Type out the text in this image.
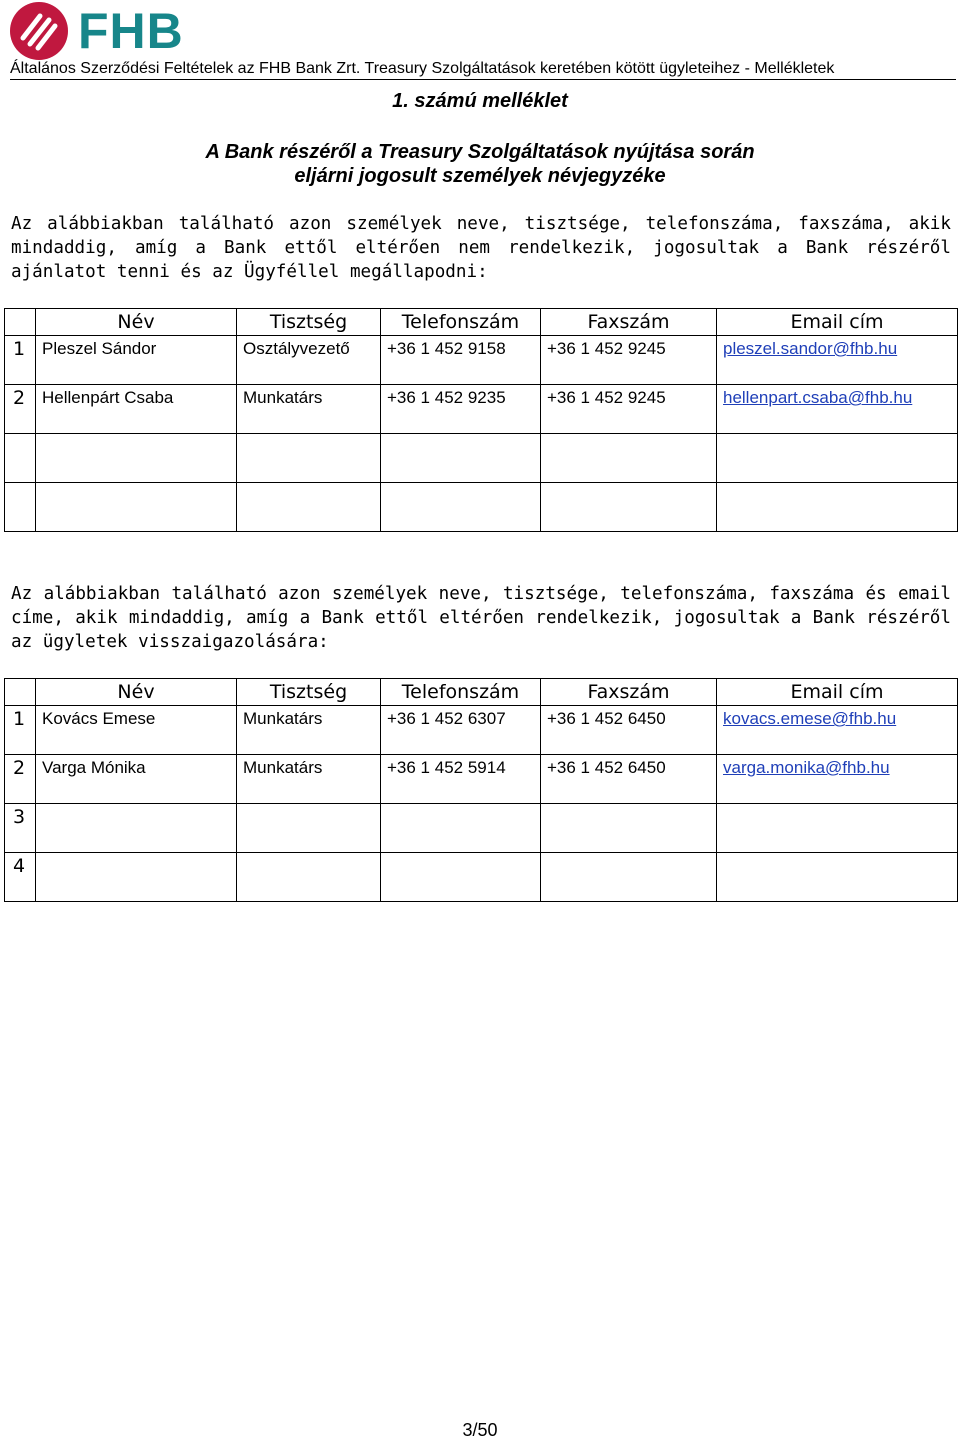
FHB
Általános Szerződési Feltételek az FHB Bank Zrt. Treasury Szolgáltatások keretében kötött ügyleteihez - Mellékletek
1. számú melléklet
A Bank részéről a Treasury Szolgáltatások nyújtása során
eljárni jogosult személyek névjegyzéke
Az alábbiakban található azon személyek neve, tisztsége, telefonszáma, faxszáma, akik mindaddig, amíg a Bank ettől eltérően nem rendelkezik, jogosultak a Bank részéről ajánlatot tenni és az Ügyféllel megállapodni:
	Név	Tisztség	Telefonszám	Faxszám	Email cím
1	Pleszel Sándor	Osztályvezető	+36 1 452 9158	+36 1 452 9245	pleszel.sandor@fhb.hu
2	Hellenpárt Csaba	Munkatárs	+36 1 452 9235	+36 1 452 9245	hellenpart.csaba@fhb.hu

Az alábbiakban található azon személyek neve, tisztsége, telefonszáma, faxszáma és email címe, akik mindaddig, amíg a Bank ettől eltérően rendelkezik, jogosultak a Bank részéről az ügyletek visszaigazolására:
	Név	Tisztség	Telefonszám	Faxszám	Email cím
1	Kovács Emese	Munkatárs	+36 1 452 6307	+36 1 452 6450	kovacs.emese@fhb.hu
2	Varga Mónika	Munkatárs	+36 1 452 5914	+36 1 452 6450	varga.monika@fhb.hu
3					
4					
3/50
